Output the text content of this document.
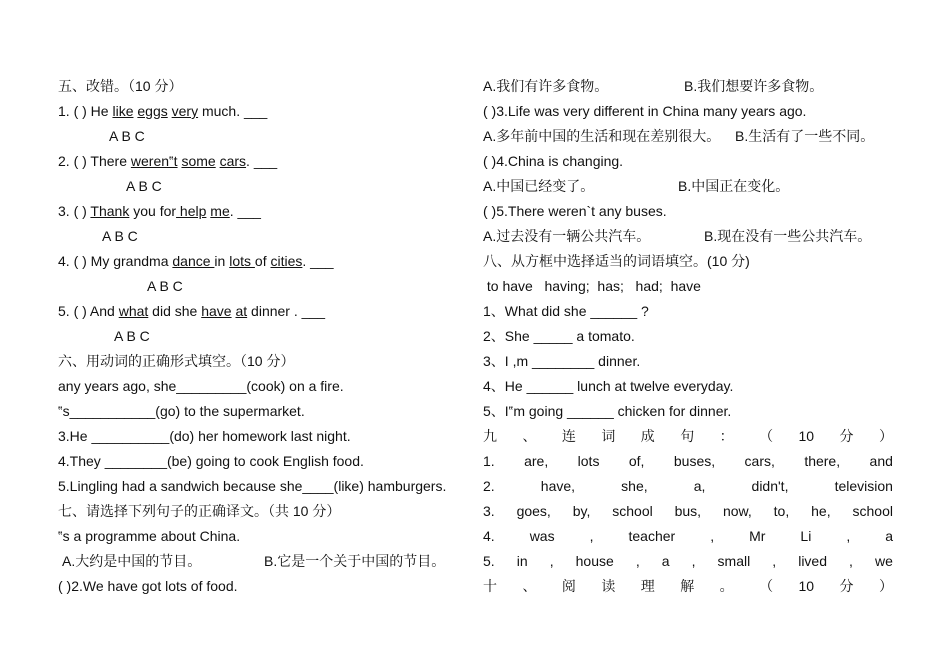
五、改错。（10 分）
1. ( ) He like eggs very much. ___
A B C
2. ( ) There weren‟t some cars. ___
A B C
3. ( ) Thank you for help me. ___
A B C
4. ( ) My grandma dance in lots of cities. ___
A B C
5. ( ) And what did she have at dinner . ___
A B C
六、用动词的正确形式填空。（10 分）
any years ago, she_________(cook) on a fire.
‟s___________(go) to the supermarket.
3.He __________(do) her homework last night.
4.They ________(be) going to cook English food.
5.Lingling had a sandwich because she____(like) hamburgers.
七、请选择下列句子的正确译文。（共 10 分）
‟s a programme about China.
A.大约是中国的节目。	B.它是一个关于中国的节目。
( )2.We have got lots of food.
A.我们有许多食物。	B.我们想要许多食物。
( )3.Life was very different in China many years ago.
A.多年前中国的生活和现在差别很大。 B.生活有了一些不同。
( )4.China is changing.
A.中国已经变了。	B.中国正在变化。
( )5.There weren`t any buses.
A.过去没有一辆公共汽车。	B.现在没有一些公共汽车。
八、从方框中选择适当的词语填空。(10 分)
to have   having;  has;   had;  have
1、What did she ______ ?
2、She _____ a tomato.
3、I ,m ________ dinner.
4、He ______ lunch at twelve everyday.
5、I‟m going ______ chicken for dinner.
九 、 连 词 成 句 ： （ 10 分 ）
1. are, lots of, buses, cars, there, and
2.	have,	she,	a,	didn't,	television
3. goes, by, school bus, now, to, he, school
4.	was	,	teacher	,	Mr	Li	,	a
5. in , house , a , small , lived , we
十 、 阅 读 理 解 。 （ 10 分 ）
